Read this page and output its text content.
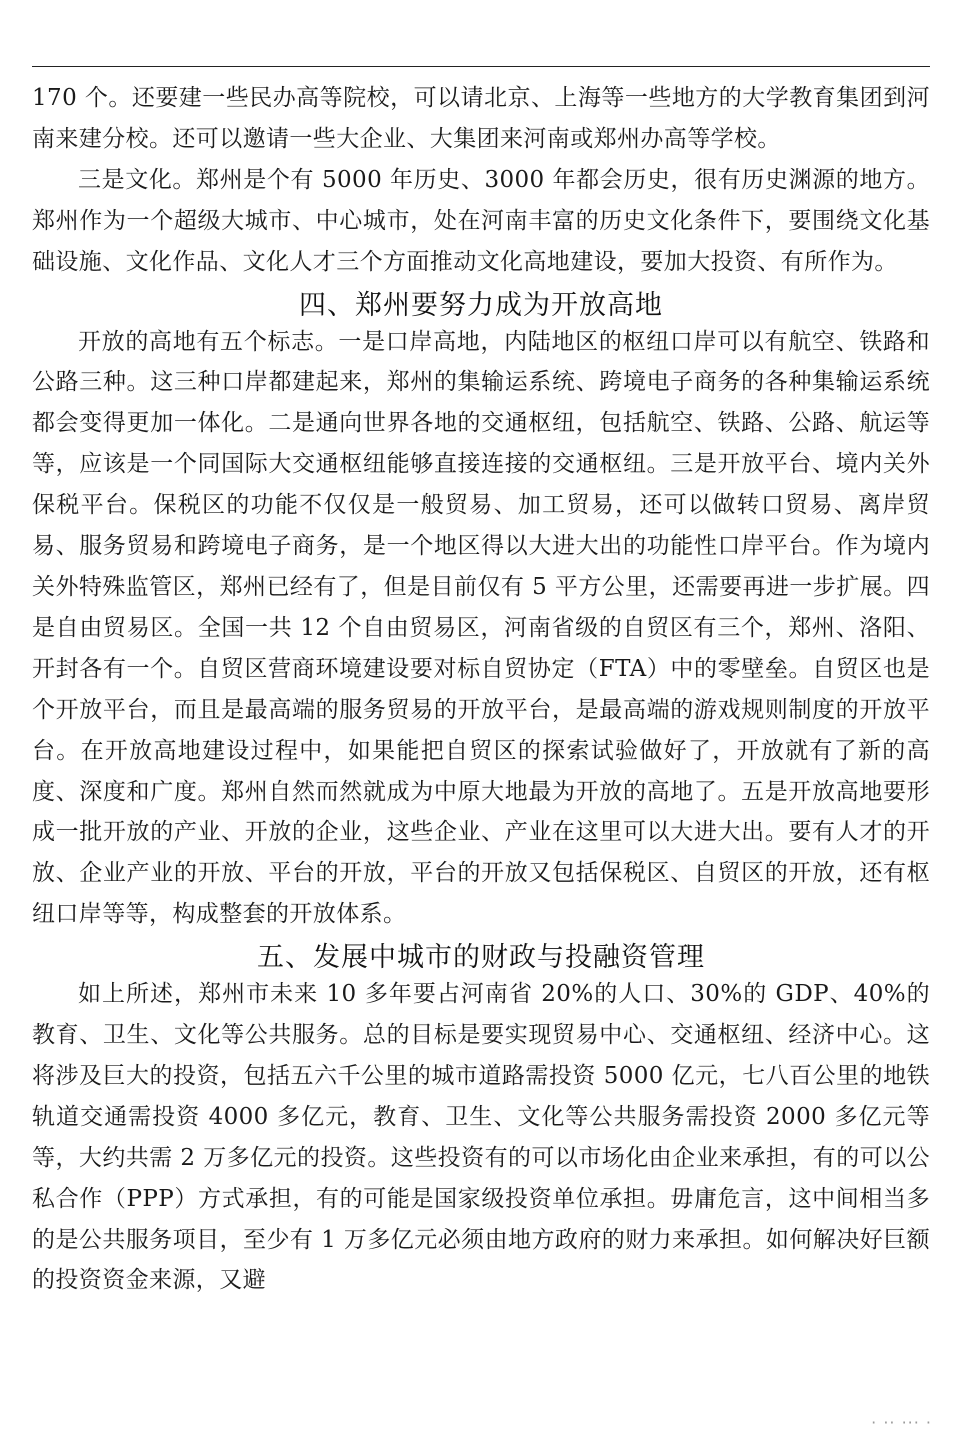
170 个。还要建一些民办高等院校，可以请北京、上海等一些地方的大学教育集团到河南来建分校。还可以邀请一些大企业、大集团来河南或郑州办高等学校。

三是文化。郑州是个有 5000 年历史、3000 年都会历史，很有历史渊源的地方。郑州作为一个超级大城市、中心城市，处在河南丰富的历史文化条件下，要围绕文化基础设施、文化作品、文化人才三个方面推动文化高地建设，要加大投资、有所作为。

四、郑州要努力成为开放高地

开放的高地有五个标志。一是口岸高地，内陆地区的枢纽口岸可以有航空、铁路和公路三种。这三种口岸都建起来，郑州的集输运系统、跨境电子商务的各种集输运系统都会变得更加一体化。二是通向世界各地的交通枢纽，包括航空、铁路、公路、航运等等，应该是一个同国际大交通枢纽能够直接连接的交通枢纽。三是开放平台、境内关外保税平台。保税区的功能不仅仅是一般贸易、加工贸易，还可以做转口贸易、离岸贸易、服务贸易和跨境电子商务，是一个地区得以大进大出的功能性口岸平台。作为境内关外特殊监管区，郑州已经有了，但是目前仅有 5 平方公里，还需要再进一步扩展。四是自由贸易区。全国一共 12 个自由贸易区，河南省级的自贸区有三个，郑州、洛阳、开封各有一个。自贸区营商环境建设要对标自贸协定（FTA）中的零壁垒。自贸区也是个开放平台，而且是最高端的服务贸易的开放平台，是最高端的游戏规则制度的开放平台。在开放高地建设过程中，如果能把自贸区的探索试验做好了，开放就有了新的高度、深度和广度。郑州自然而然就成为中原大地最为开放的高地了。五是开放高地要形成一批开放的产业、开放的企业，这些企业、产业在这里可以大进大出。要有人才的开放、企业产业的开放、平台的开放，平台的开放又包括保税区、自贸区的开放，还有枢纽口岸等等，构成整套的开放体系。

五、发展中城市的财政与投融资管理

如上所述，郑州市未来 10 多年要占河南省 20%的人口、30%的 GDP、40%的教育、卫生、文化等公共服务。总的目标是要实现贸易中心、交通枢纽、经济中心。这将涉及巨大的投资，包括五六千公里的城市道路需投资 5000 亿元，七八百公里的地铁轨道交通需投资 4000 多亿元，教育、卫生、文化等公共服务需投资 2000 多亿元等等，大约共需 2 万多亿元的投资。这些投资有的可以市场化由企业来承担，有的可以公私合作（PPP）方式承担，有的可能是国家级投资单位承担。毋庸危言，这中间相当多的是公共服务项目，至少有 1 万多亿元必须由地方政府的财力来承担。如何解决好巨额的投资资金来源，又避

· ·· ··· ·
